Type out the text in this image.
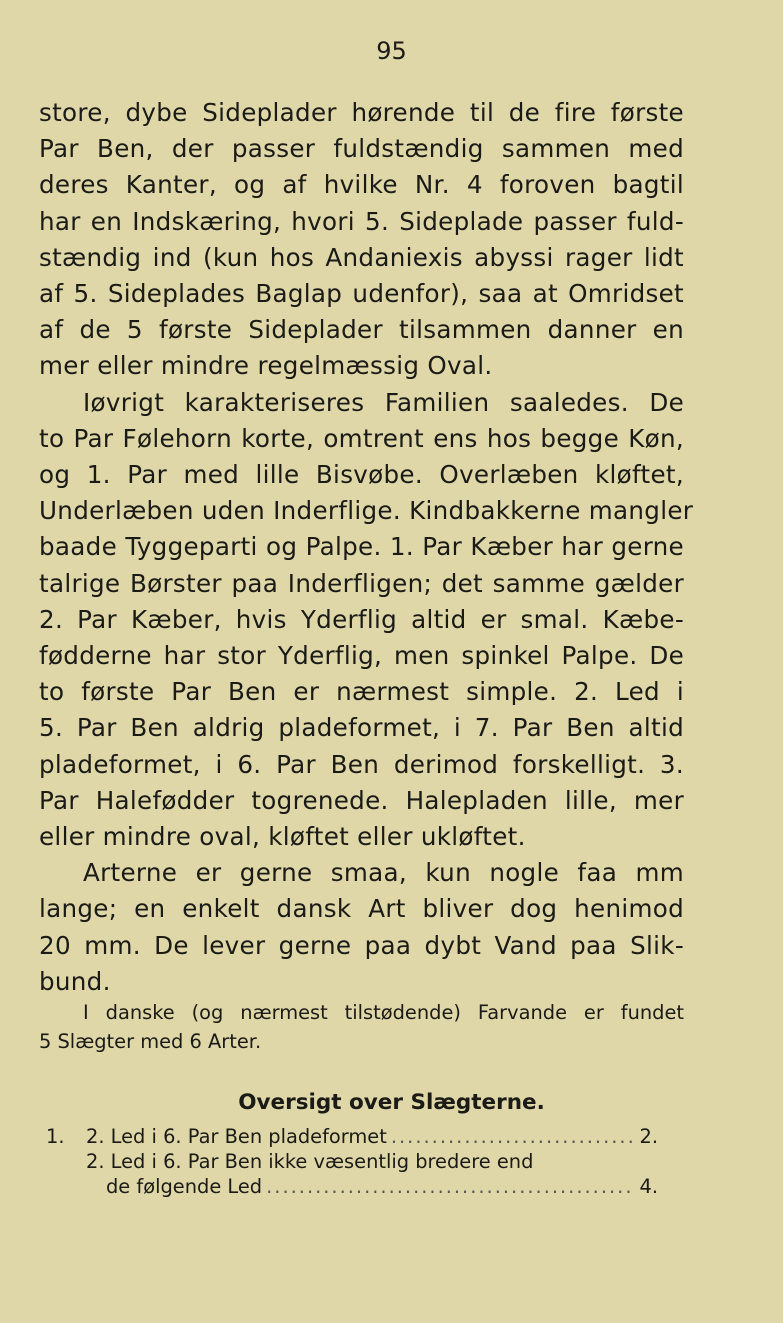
95

store, dybe Sideplader hørende til de fire første
Par Ben, der passer fuldstændig sammen med
deres Kanter, og af hvilke Nr. 4 foroven bagtil
har en Indskæring, hvori 5. Sideplade passer fuld-
stændig ind (kun hos Andaniexis abyssi rager lidt
af 5. Sideplades Baglap udenfor), saa at Omridset
af de 5 første Sideplader tilsammen danner en
mer eller mindre regelmæssig Oval.

Iøvrigt karakteriseres Familien saaledes. De
to Par Følehorn korte, omtrent ens hos begge Køn,
og 1. Par med lille Bisvøbe. Overlæben kløftet,
Underlæben uden Inderflige. Kindbakkerne mangler
baade Tyggeparti og Palpe. 1. Par Kæber har gerne
talrige Børster paa Inderfligen; det samme gælder
2. Par Kæber, hvis Yderflig altid er smal. Kæbe-
fødderne har stor Yderflig, men spinkel Palpe. De
to første Par Ben er nærmest simple. 2. Led i
5. Par Ben aldrig pladeformet, i 7. Par Ben altid
pladeformet, i 6. Par Ben derimod forskelligt. 3.
Par Halefødder togrenede. Halepladen lille, mer
eller mindre oval, kløftet eller ukløftet.

Arterne er gerne smaa, kun nogle faa mm
lange; en enkelt dansk Art bliver dog henimod
20 mm. De lever gerne paa dybt Vand paa Slik-
bund.

I danske (og nærmest tilstødende) Farvande er fundet
5 Slægter med 6 Arter.
Oversigt over Slægterne.
1.	2. Led i 6. Par Ben pladeformet .....	2.
2. Led i 6. Par Ben ikke væsentlig bredere end
de følgende Led .....	4.
